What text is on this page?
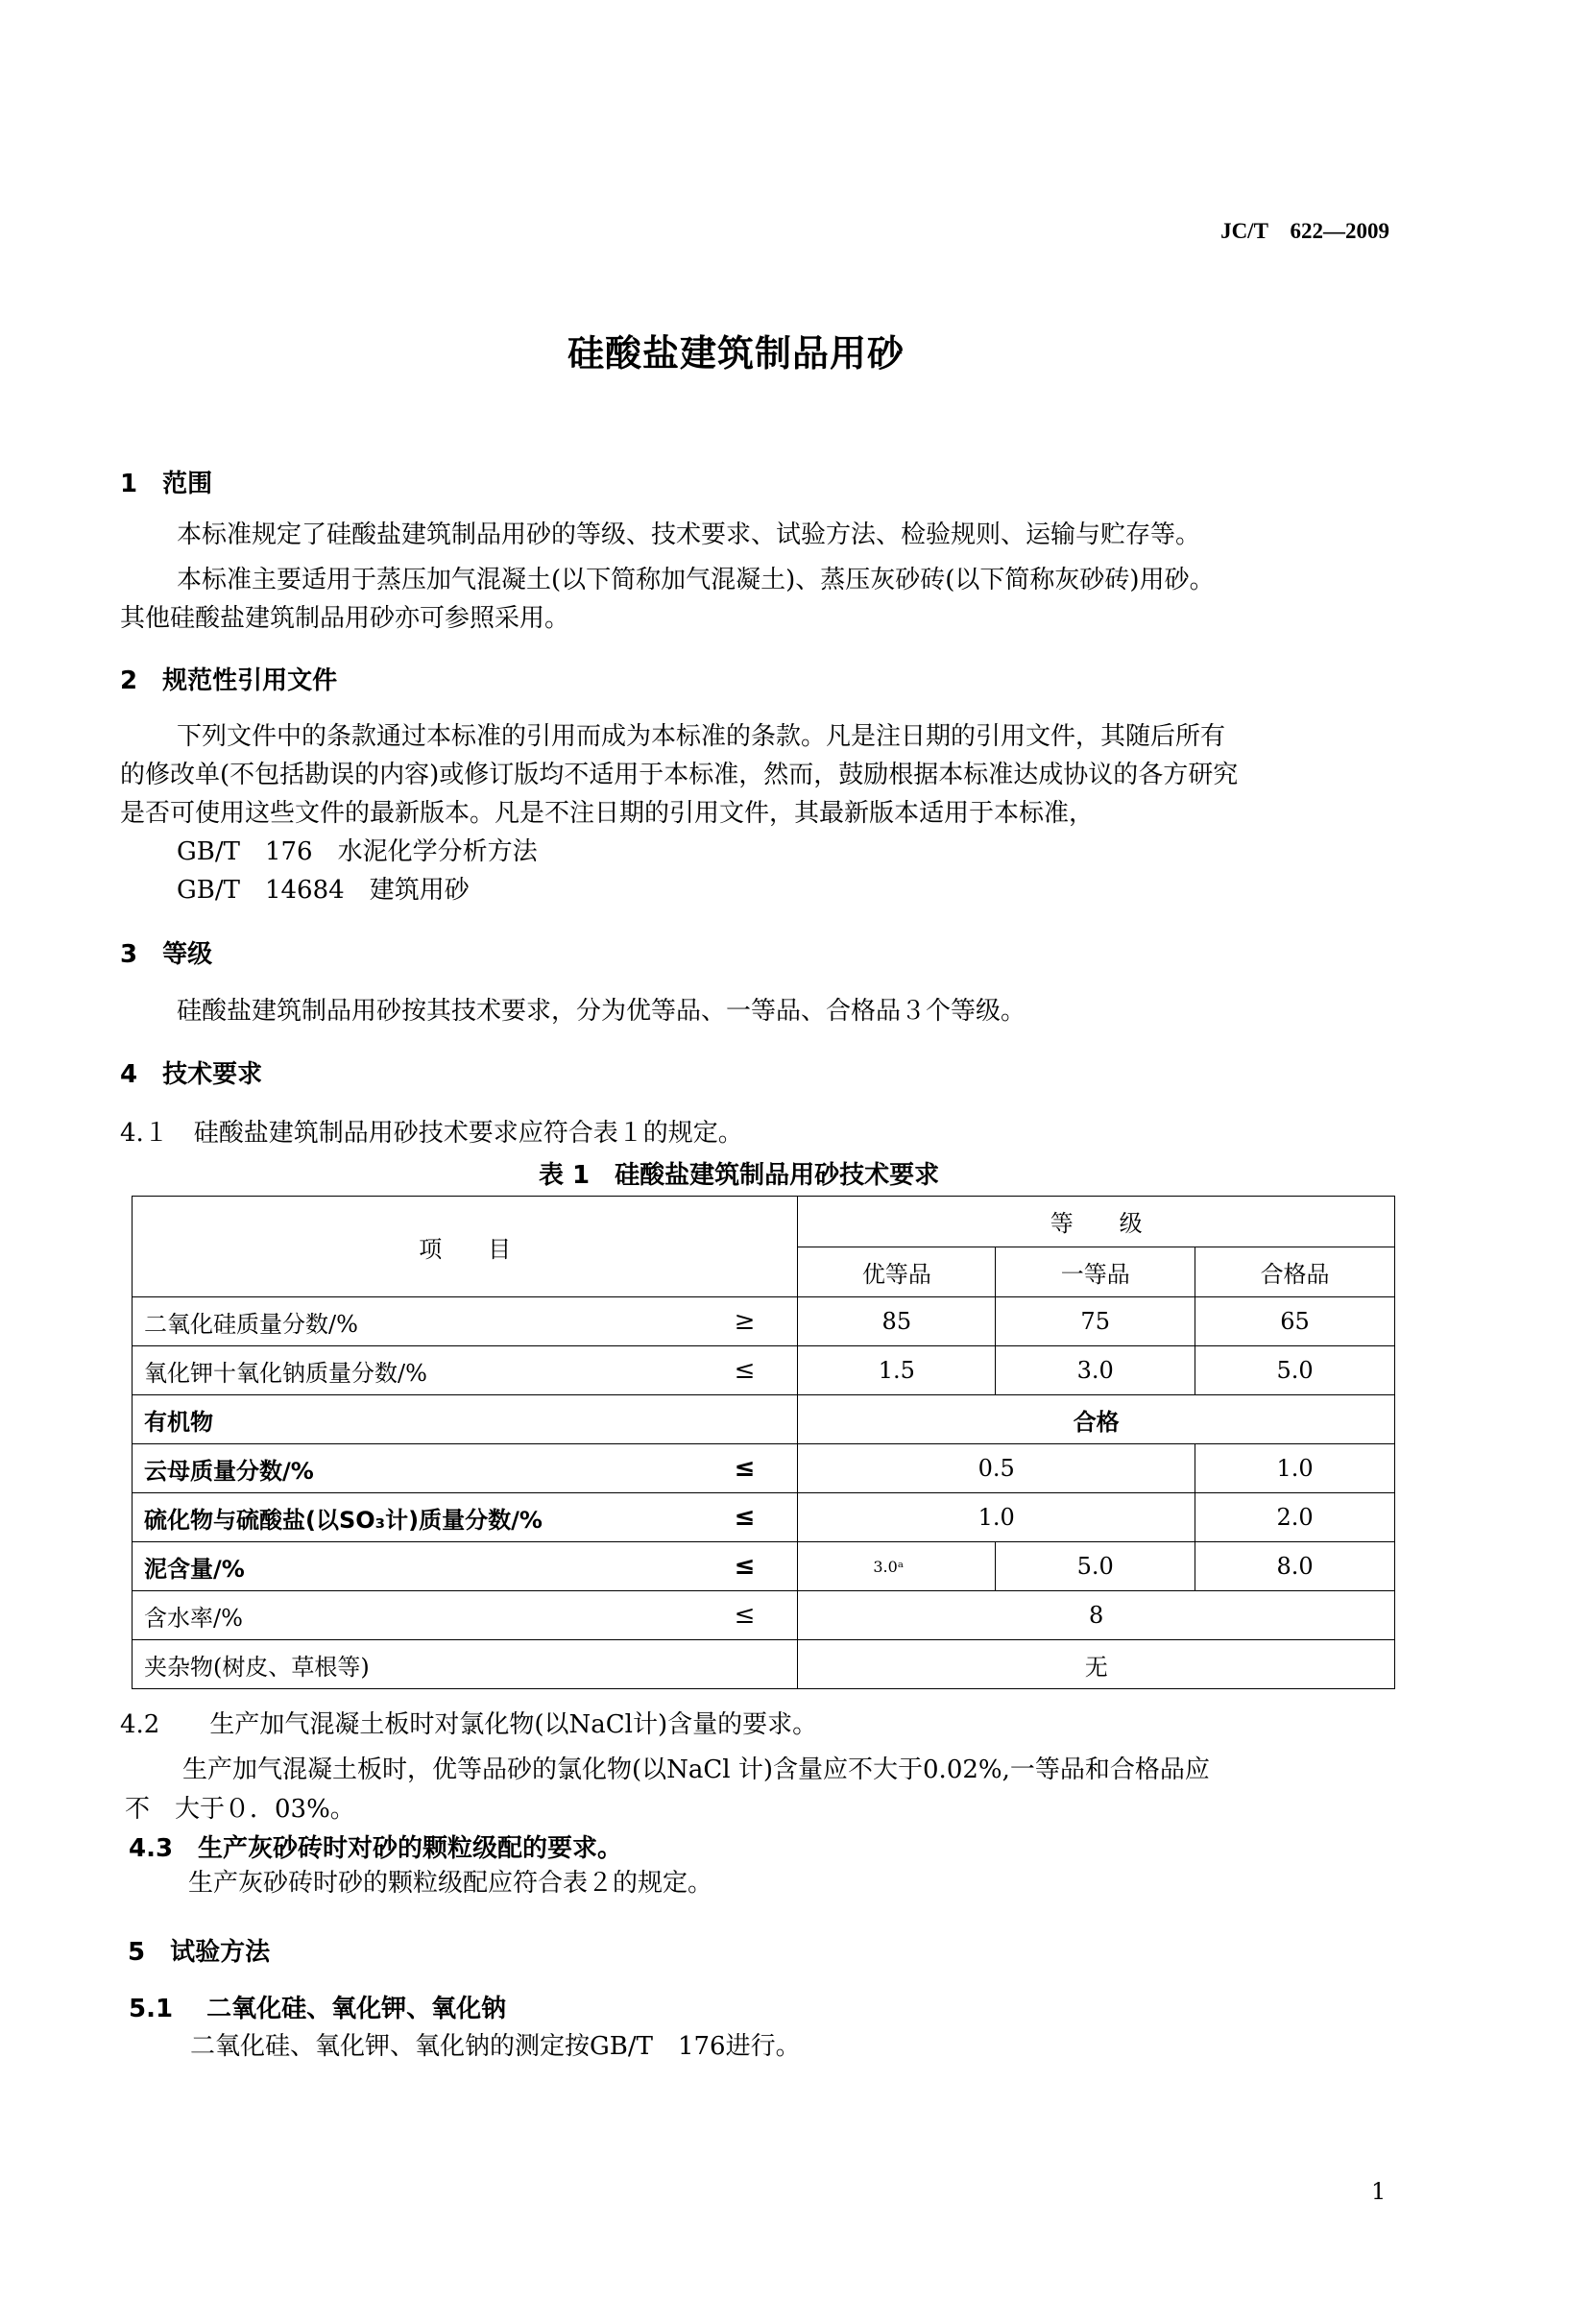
JC/T　622—2009
硅酸盐建筑制品用砂
1　范围
本标准规定了硅酸盐建筑制品用砂的等级、技术要求、试验方法、检验规则、运输与贮存等。
本标准主要适用于蒸压加气混凝土(以下简称加气混凝土)、蒸压灰砂砖(以下简称灰砂砖)用砂。
其他硅酸盐建筑制品用砂亦可参照采用。
2　规范性引用文件
下列文件中的条款通过本标准的引用而成为本标准的条款。凡是注日期的引用文件，其随后所有
的修改单(不包括勘误的内容)或修订版均不适用于本标准，然而，鼓励根据本标准达成协议的各方研究
是否可使用这些文件的最新版本。凡是不注日期的引用文件，其最新版本适用于本标准，
GB/T　176　水泥化学分析方法
GB/T　14684　建筑用砂
3　等级
硅酸盐建筑制品用砂按其技术要求，分为优等品、一等品、合格品３个等级。
4　技术要求
4.１　硅酸盐建筑制品用砂技术要求应符合表１的规定。
表 1　硅酸盐建筑制品用砂技术要求
项　　目	等　　级		
	优等品	一等品	合格品
二氧化硅质量分数/% ≥	85	75	65
氧化钾十氧化钠质量分数/% ≤	1.5	3.0	5.0
有机物	合格		
云母质量分数/% ≤	0.5		1.0
硫化物与硫酸盐(以SO₃计)质量分数/% ≤	1.0		2.0
泥含量/% ≤	3.0ᵃ	5.0	8.0
含水率/% ≤	8		
夹杂物(树皮、草根等)	无		
4.2　　生产加气混凝土板时对氯化物(以NaCl计)含量的要求。
生产加气混凝土板时，优等品砂的氯化物(以NaCl 计)含量应不大于0.02%,一等品和合格品应
不　大于０．03%。
4.3　生产灰砂砖时对砂的颗粒级配的要求。
生产灰砂砖时砂的颗粒级配应符合表２的规定。
5　试验方法
5.1　 二氧化硅、氧化钾、氧化钠
二氧化硅、氧化钾、氧化钠的测定按GB/T　176进行。
1
